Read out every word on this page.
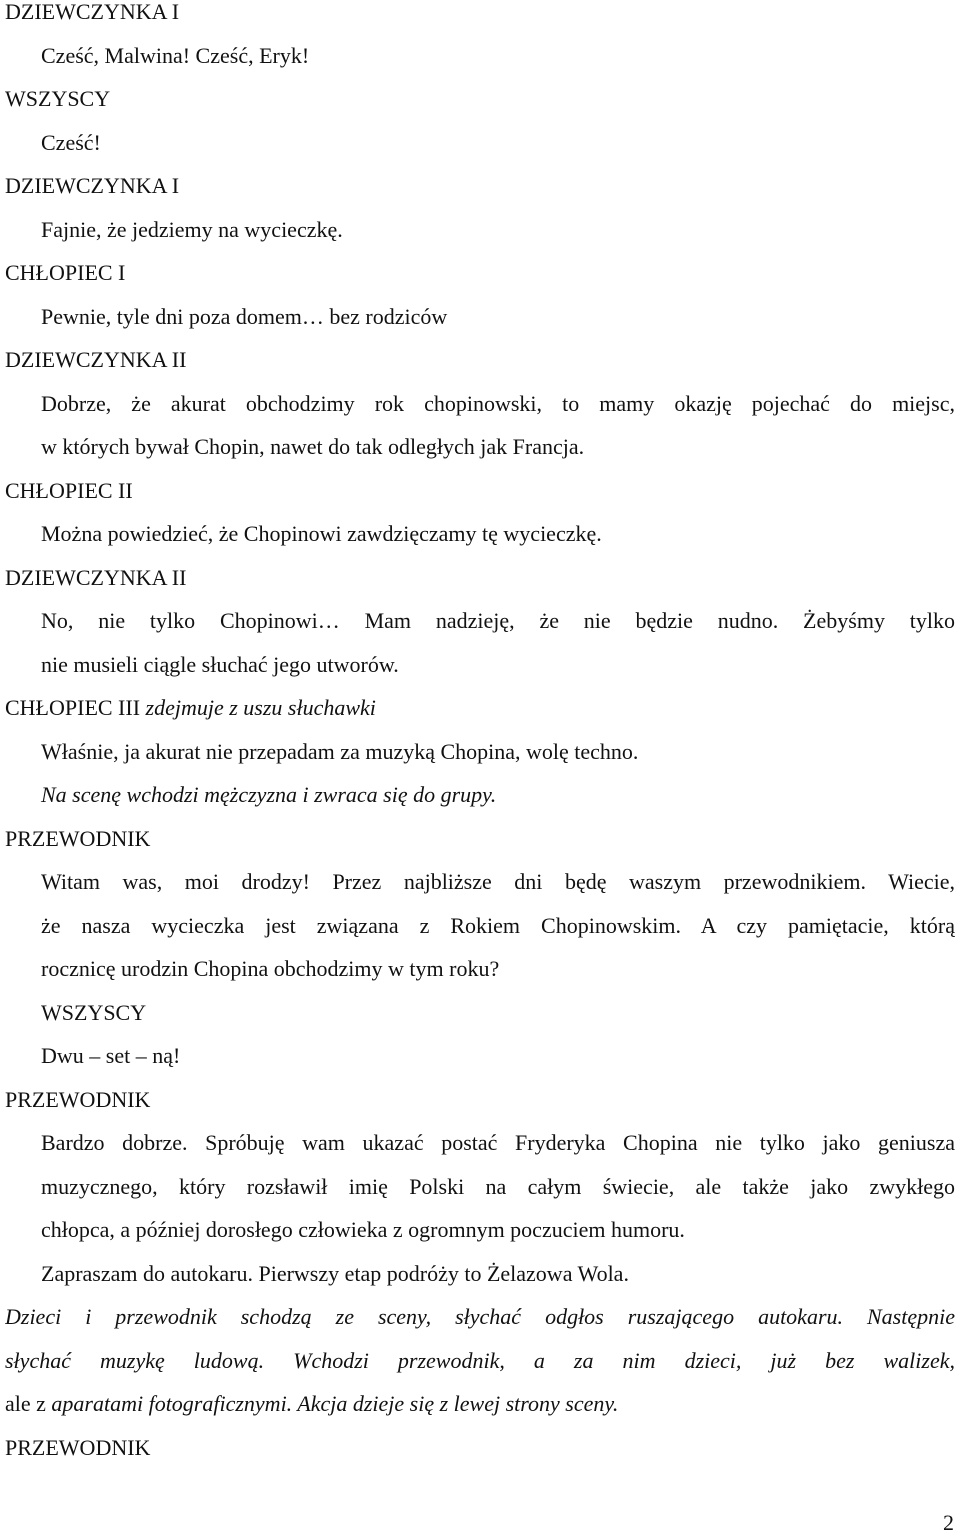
DZIEWCZYNKA I
Cześć, Malwina! Cześć, Eryk!
WSZYSCY
Cześć!
DZIEWCZYNKA I
Fajnie, że jedziemy na wycieczkę.
CHŁOPIEC I
Pewnie, tyle dni poza domem… bez rodziców
DZIEWCZYNKA II
Dobrze, że akurat obchodzimy rok chopinowski, to mamy okazję pojechać do miejsc,
w których bywał Chopin, nawet do tak odległych jak Francja.
CHŁOPIEC II
Można powiedzieć, że Chopinowi zawdzięczamy tę wycieczkę.
DZIEWCZYNKA II
No, nie tylko Chopinowi… Mam nadzieję, że nie będzie nudno. Żebyśmy tylko
nie musieli ciągle słuchać jego utworów.
CHŁOPIEC III zdejmuje z uszu słuchawki
Właśnie, ja akurat nie przepadam za muzyką Chopina, wolę techno.
Na scenę wchodzi mężczyzna i zwraca się do grupy.
PRZEWODNIK
Witam was, moi drodzy! Przez najbliższe dni będę waszym przewodnikiem. Wiecie,
że nasza wycieczka jest związana z Rokiem Chopinowskim. A czy pamiętacie, którą
rocznicę urodzin Chopina obchodzimy w tym roku?
WSZYSCY
Dwu – set – ną!
PRZEWODNIK
Bardzo dobrze. Spróbuję wam ukazać postać Fryderyka Chopina nie tylko jako geniusza
muzycznego, który rozsławił imię Polski na całym świecie, ale także jako zwykłego
chłopca, a później dorosłego człowieka z ogromnym poczuciem humoru.
Zapraszam do autokaru. Pierwszy etap podróży to Żelazowa Wola.
Dzieci i przewodnik schodzą ze sceny, słychać odgłos ruszającego autokaru. Następnie
słychać muzykę ludową. Wchodzi przewodnik, a za nim dzieci, już bez walizek,
ale z aparatami fotograficznymi. Akcja dzieje się z lewej strony sceny.
PRZEWODNIK
2
